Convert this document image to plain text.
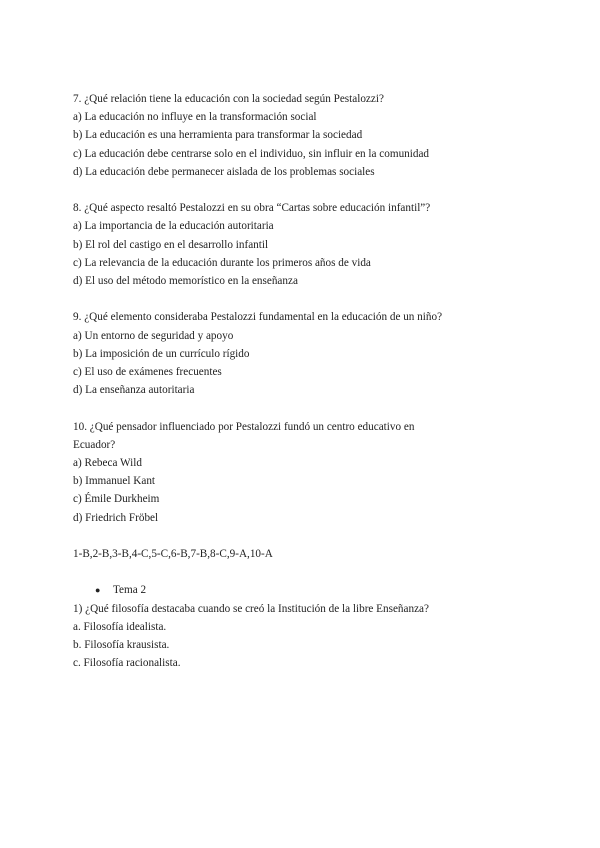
7. ¿Qué relación tiene la educación con la sociedad según Pestalozzi?
a) La educación no influye en la transformación social
b) La educación es una herramienta para transformar la sociedad
c) La educación debe centrarse solo en el individuo, sin influir en la comunidad
d) La educación debe permanecer aislada de los problemas sociales
8. ¿Qué aspecto resaltó Pestalozzi en su obra “Cartas sobre educación infantil”?
a) La importancia de la educación autoritaria
b) El rol del castigo en el desarrollo infantil
c) La relevancia de la educación durante los primeros años de vida
d) El uso del método memorístico en la enseñanza
9. ¿Qué elemento consideraba Pestalozzi fundamental en la educación de un niño?
a) Un entorno de seguridad y apoyo
b) La imposición de un currículo rígido
c) El uso de exámenes frecuentes
d) La enseñanza autoritaria
10. ¿Qué pensador influenciado por Pestalozzi fundó un centro educativo en Ecuador?
a) Rebeca Wild
b) Immanuel Kant
c) Émile Durkheim
d) Friedrich Fröbel
1-B,2-B,3-B,4-C,5-C,6-B,7-B,8-C,9-A,10-A
● Tema 2
1) ¿Qué filosofía destacaba cuando se creó la Institución de la libre Enseñanza?
a. Filosofía idealista.
b. Filosofía krausista.
c. Filosofía racionalista.
